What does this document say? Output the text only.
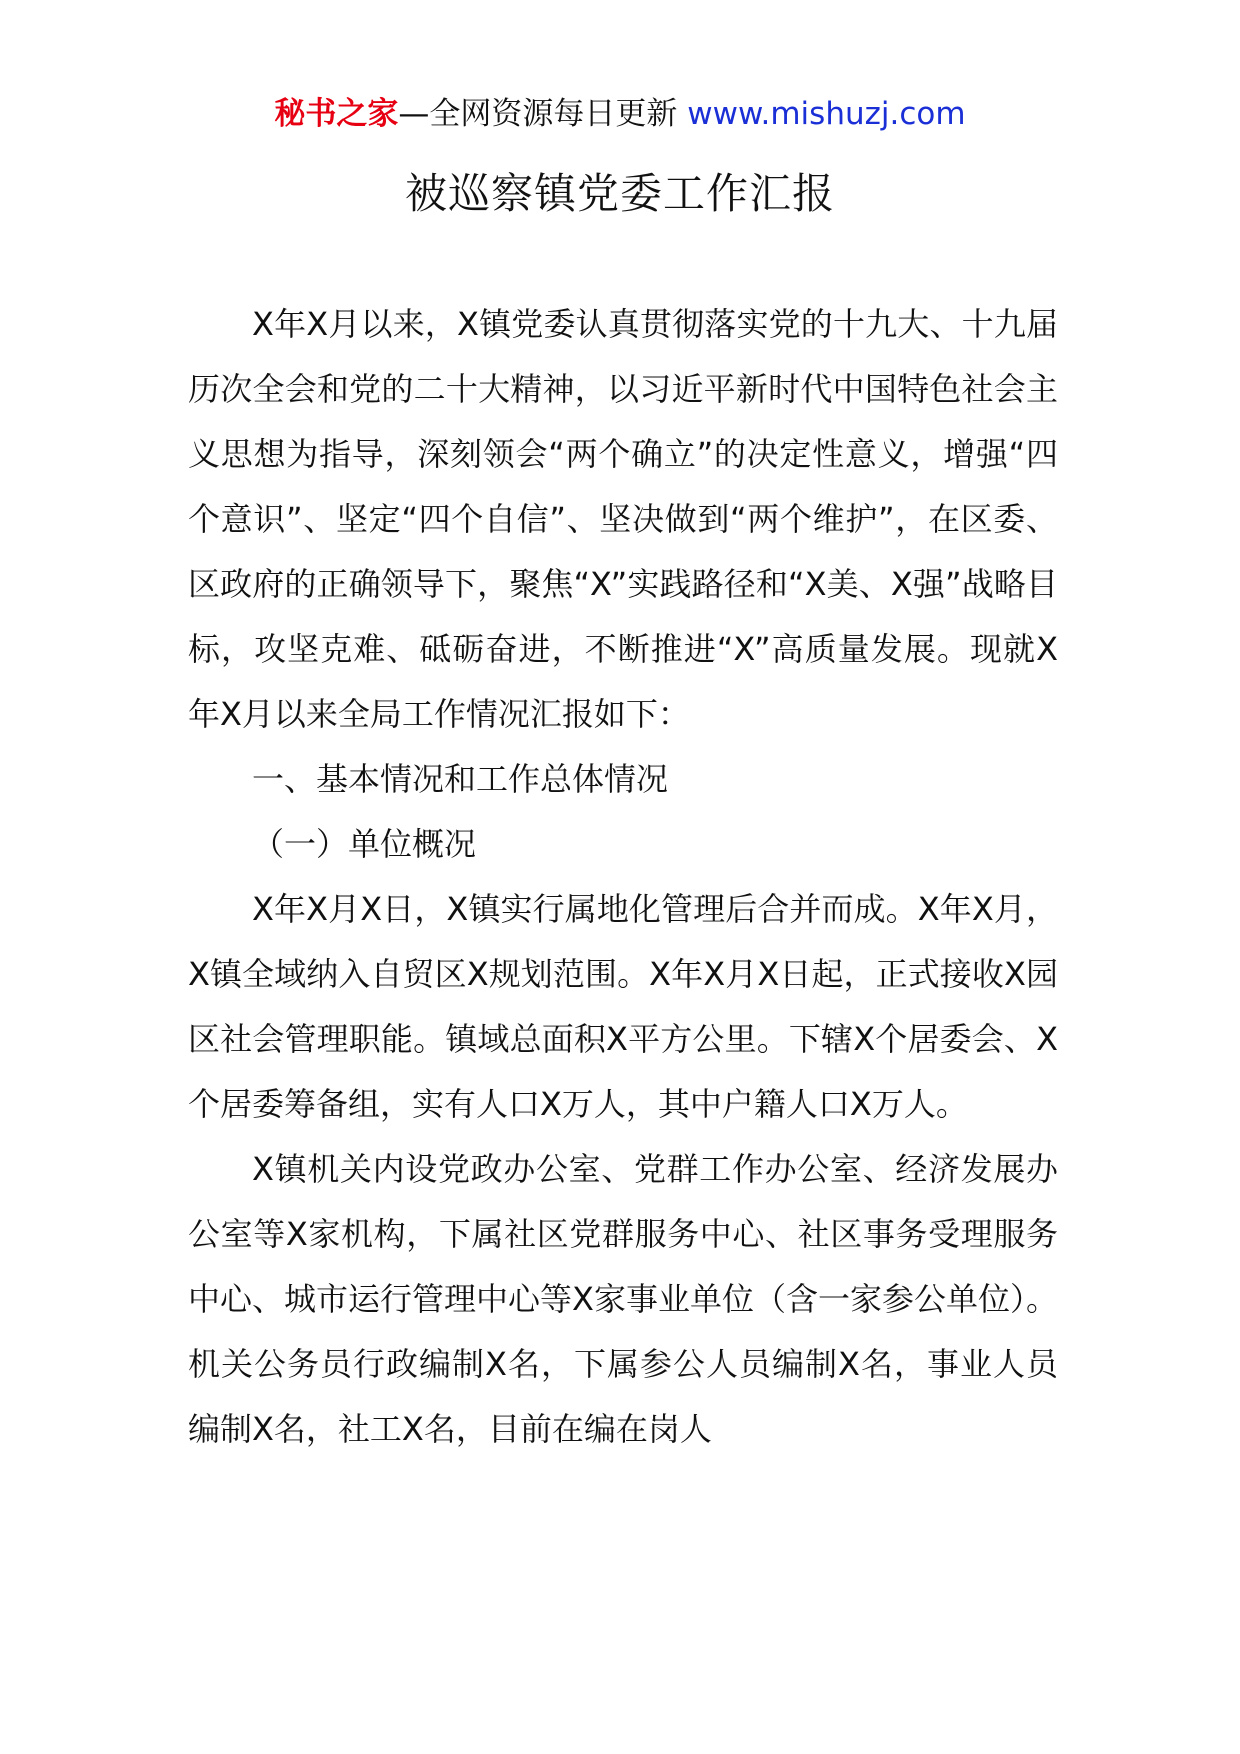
秘书之家—全网资源每日更新 www.mishuzj.com
被巡察镇党委工作汇报

X年X月以来，X镇党委认真贯彻落实党的十九大、十九届历次全会和党的二十大精神，以习近平新时代中国特色社会主义思想为指导，深刻领会“两个确立”的决定性意义，增强“四个意识”、坚定“四个自信”、坚决做到“两个维护”，在区委、区政府的正确领导下，聚焦“X”实践路径和“X美、X强”战略目标，攻坚克难、砥砺奋进，不断推进“X”高质量发展。现就X年X月以来全局工作情况汇报如下：

一、基本情况和工作总体情况

（一）单位概况

X年X月X日，X镇实行属地化管理后合并而成。X年X月，X镇全域纳入自贸区X规划范围。X年X月X日起，正式接收X园区社会管理职能。镇域总面积X平方公里。下辖X个居委会、X个居委筹备组，实有人口X万人，其中户籍人口X万人。

X镇机关内设党政办公室、党群工作办公室、经济发展办公室等X家机构，下属社区党群服务中心、社区事务受理服务中心、城市运行管理中心等X家事业单位（含一家参公单位）。机关公务员行政编制X名，下属参公人员编制X名，事业人员编制X名，社工X名，目前在编在岗人
